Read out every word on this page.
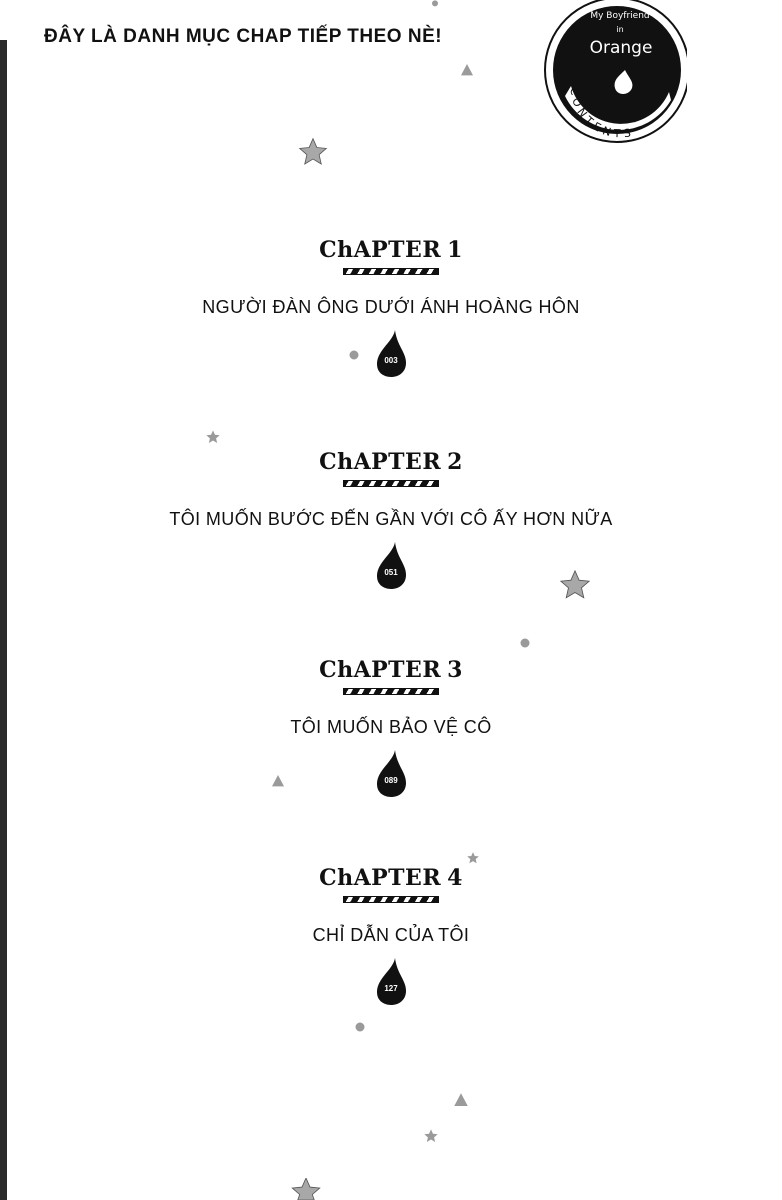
ĐÂY LÀ DANH MỤC CHAP TIẾP THEO NÈ!
My Boyfriend
in
Orange
CONTENTS
ChAPTER 1
NGƯỜI ĐÀN ÔNG DƯỚI ÁNH HOÀNG HÔN
003
ChAPTER 2
TÔI MUỐN BƯỚC ĐẾN GẦN VỚI CÔ ẤY HƠN NỮA
051
ChAPTER 3
TÔI MUỐN BẢO VỆ CÔ
089
ChAPTER 4
CHỈ DẪN CỦA TÔI
127
